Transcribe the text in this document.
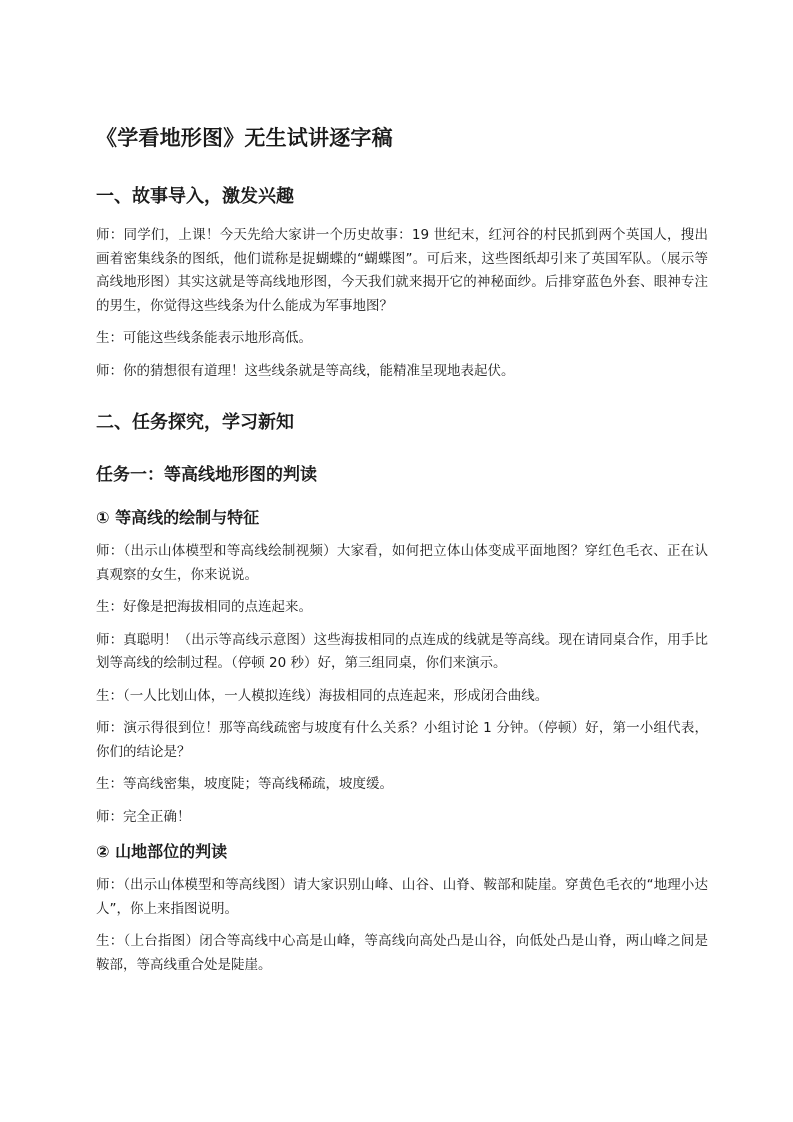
《学看地形图》无生试讲逐字稿
一、故事导入，激发兴趣

师：同学们，上课！今天先给大家讲一个历史故事：19 世纪末，红河谷的村民抓到两个英国人，搜出画着密集线条的图纸，他们谎称是捉蝴蝶的“蝴蝶图”。可后来，这些图纸却引来了英国军队。（展示等高线地形图）其实这就是等高线地形图，今天我们就来揭开它的神秘面纱。后排穿蓝色外套、眼神专注的男生，你觉得这些线条为什么能成为军事地图？

生：可能这些线条能表示地形高低。

师：你的猜想很有道理！这些线条就是等高线，能精准呈现地表起伏。

二、任务探究，学习新知
任务一：等高线地形图的判读
① 等高线的绘制与特征

师：（出示山体模型和等高线绘制视频）大家看，如何把立体山体变成平面地图？穿红色毛衣、正在认真观察的女生，你来说说。

生：好像是把海拔相同的点连起来。

师：真聪明！（出示等高线示意图）这些海拔相同的点连成的线就是等高线。现在请同桌合作，用手比划等高线的绘制过程。（停顿 20 秒）好，第三组同桌，你们来演示。

生：（一人比划山体，一人模拟连线）海拔相同的点连起来，形成闭合曲线。

师：演示得很到位！那等高线疏密与坡度有什么关系？小组讨论 1 分钟。（停顿）好，第一小组代表，你们的结论是？

生：等高线密集，坡度陡；等高线稀疏，坡度缓。

师：完全正确！

② 山地部位的判读

师：（出示山体模型和等高线图）请大家识别山峰、山谷、山脊、鞍部和陡崖。穿黄色毛衣的“地理小达人”，你上来指图说明。

生：（上台指图）闭合等高线中心高是山峰，等高线向高处凸是山谷，向低处凸是山脊，两山峰之间是鞍部，等高线重合处是陡崖。
